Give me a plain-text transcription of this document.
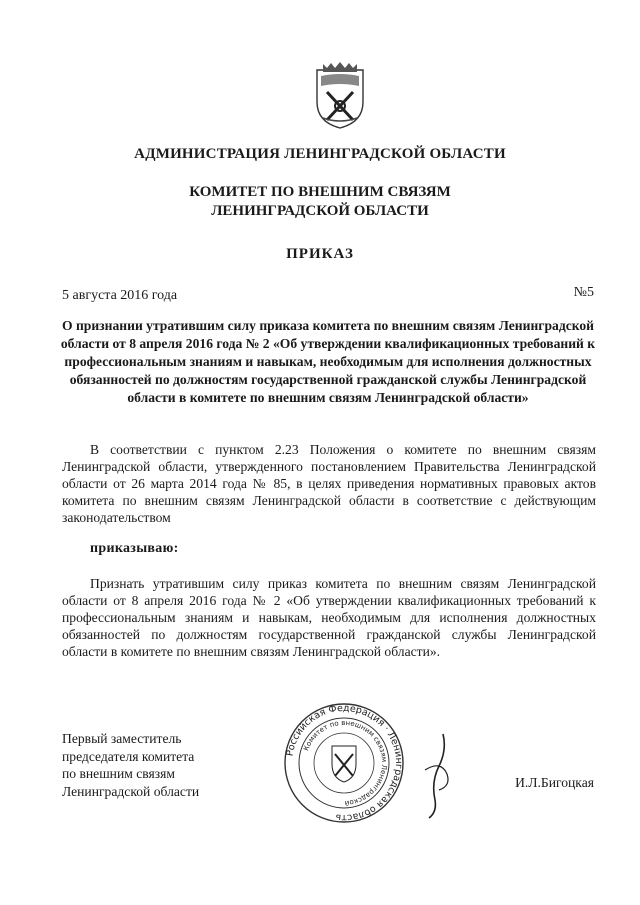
АДМИНИСТРАЦИЯ ЛЕНИНГРАДСКОЙ ОБЛАСТИ
КОМИТЕТ ПО ВНЕШНИМ СВЯЗЯМ
ЛЕНИНГРАДСКОЙ ОБЛАСТИ
ПРИКАЗ
5 августа 2016 года	№5
О признании утратившим силу приказа комитета по внешним связям Ленинградской области от 8 апреля 2016 года № 2 «Об утверждении квалификационных требований к профессиональным знаниям и навыкам, необходимым для исполнения должностных обязанностей по должностям государственной гражданской службы Ленинградской области в комитете по внешним связям Ленинградской области»
В соответствии с пунктом 2.23 Положения о комитете по внешним связям Ленинградской области, утвержденного постановлением Правительства Ленинградской области от 26 марта 2014 года № 85, в целях приведения нормативных правовых актов комитета по внешним связям Ленинградской области в соответствие с действующим законодательством
приказываю:
Признать утратившим силу приказ комитета по внешним связям Ленинградской области от 8 апреля 2016 года № 2 «Об утверждении квалификационных требований к профессиональным знаниям и навыкам, необходимым для исполнения должностных обязанностей по должностям государственной гражданской службы Ленинградской области в комитете по внешним связям Ленинградской области».
Первый заместитель
председателя комитета
по внешним связям
Ленинградской области
Российская Федерация · Ленинградская область
Комитет по внешним связям Ленинградской
И.Л.Бигоцкая
